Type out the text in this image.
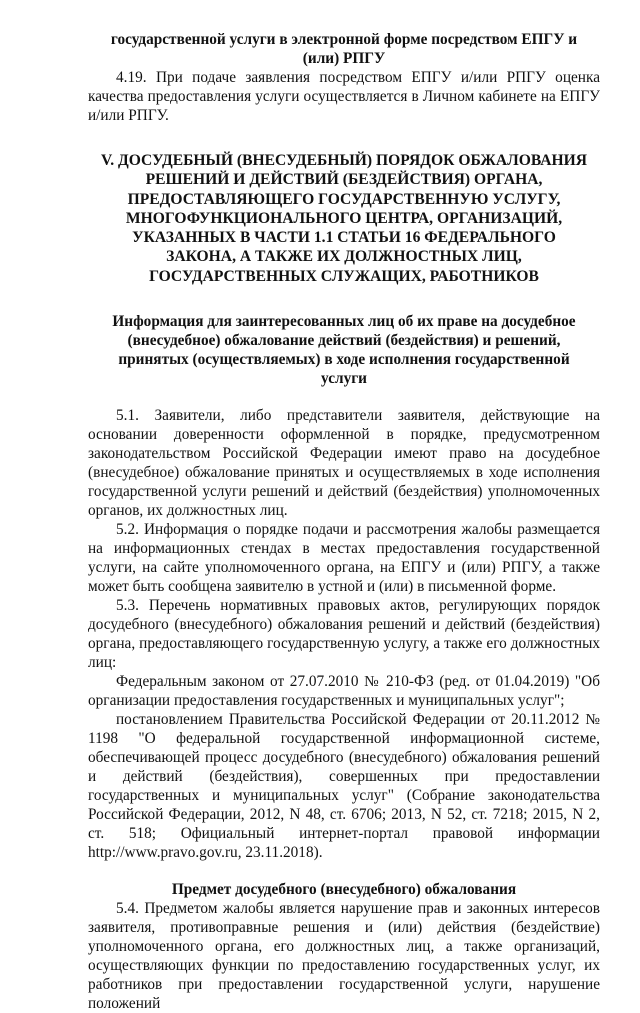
государственной услуги в электронной форме посредством ЕПГУ и (или) РПГУ

4.19. При подаче заявления посредством ЕПГУ и/или РПГУ оценка качества предоставления услуги осуществляется в Личном кабинете на ЕПГУ и/или РПГУ.

V. ДОСУДЕБНЫЙ (ВНЕСУДЕБНЫЙ) ПОРЯДОК ОБЖАЛОВАНИЯ РЕШЕНИЙ И ДЕЙСТВИЙ (БЕЗДЕЙСТВИЯ) ОРГАНА, ПРЕДОСТАВЛЯЮЩЕГО ГОСУДАРСТВЕННУЮ УСЛУГУ, МНОГОФУНКЦИОНАЛЬНОГО ЦЕНТРА, ОРГАНИЗАЦИЙ, УКАЗАННЫХ В ЧАСТИ 1.1 СТАТЬИ 16 ФЕДЕРАЛЬНОГО ЗАКОНА, А ТАКЖЕ ИХ ДОЛЖНОСТНЫХ ЛИЦ, ГОСУДАРСТВЕННЫХ СЛУЖАЩИХ, РАБОТНИКОВ
Информация для заинтересованных лиц об их праве на досудебное (внесудебное) обжалование действий (бездействия) и решений, принятых (осуществляемых) в ходе исполнения государственной услуги

5.1. Заявители, либо представители заявителя, действующие на основании доверенности оформленной в порядке, предусмотренном законодательством Российской Федерации имеют право на досудебное (внесудебное) обжалование принятых и осуществляемых в ходе исполнения государственной услуги решений и действий (бездействия) уполномоченных органов, их должностных лиц.

5.2. Информация о порядке подачи и рассмотрения жалобы размещается на информационных стендах в местах предоставления государственной услуги, на сайте уполномоченного органа, на ЕПГУ и (или) РПГУ, а также может быть сообщена заявителю в устной и (или) в письменной форме.

5.3. Перечень нормативных правовых актов, регулирующих порядок досудебного (внесудебного) обжалования решений и действий (бездействия) органа, предоставляющего государственную услугу, а также его должностных лиц:

Федеральным законом от 27.07.2010 № 210-ФЗ (ред. от 01.04.2019) "Об организации предоставления государственных и муниципальных услуг";

постановлением Правительства Российской Федерации от 20.11.2012 № 1198 "О федеральной государственной информационной системе, обеспечивающей процесс досудебного (внесудебного) обжалования решений и действий (бездействия), совершенных при предоставлении государственных и муниципальных услуг" (Собрание законодательства Российской Федерации, 2012, N 48, ст. 6706; 2013, N 52, ст. 7218; 2015, N 2, ст. 518; Официальный интернет-портал правовой информации http://www.pravo.gov.ru, 23.11.2018).

Предмет досудебного (внесудебного) обжалования

5.4. Предметом жалобы является нарушение прав и законных интересов заявителя, противоправные решения и (или) действия (бездействие) уполномоченного органа, его должностных лиц, а также организаций, осуществляющих функции по предоставлению государственных услуг, их работников при предоставлении государственной услуги, нарушение положений
